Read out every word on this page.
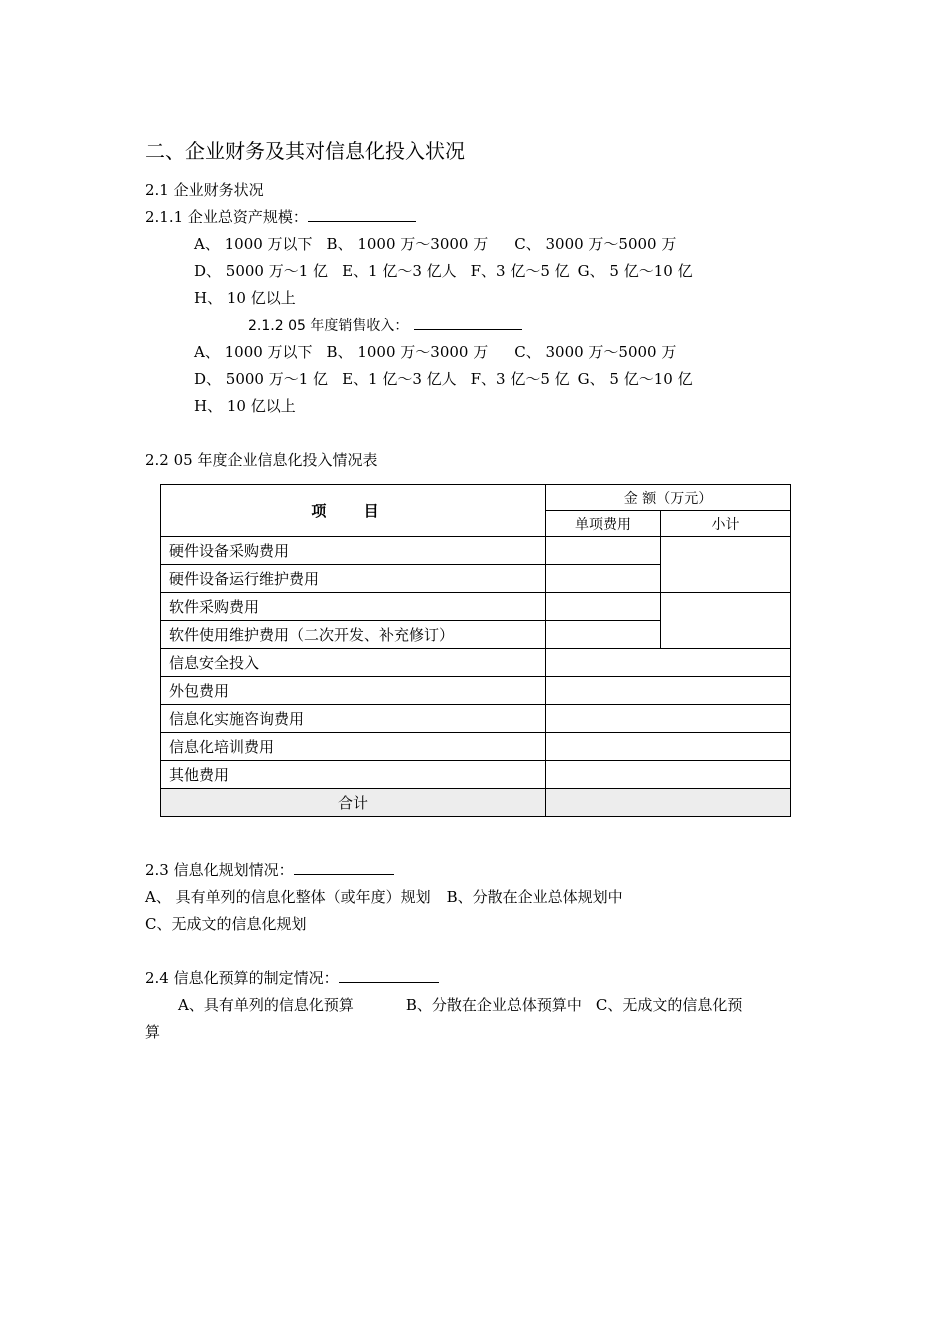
二、企业财务及其对信息化投入状况
2.1 企业财务状况
2.1.1 企业总资产规模：
A、 1000 万以下 B、 1000 万～3000 万 C、 3000 万～5000 万
D、 5000 万～1 亿 E、1 亿～3 亿人 F、3 亿～5 亿 G、 5 亿～10 亿
H、 10 亿以上
2.1.2 05 年度销售收入：
A、 1000 万以下 B、 1000 万～3000 万 C、 3000 万～5000 万
D、 5000 万～1 亿 E、1 亿～3 亿人 F、3 亿～5 亿 G、 5 亿～10 亿
H、 10 亿以上
2.2 05 年度企业信息化投入情况表
项 目	金 额（万元）	
	单项费用	小计
硬件设备采购费用		
硬件设备运行维护费用		
软件采购费用		
软件使用维护费用（二次开发、补充修订）		
信息安全投入		
外包费用		
信息化实施咨询费用		
信息化培训费用		
其他费用		
合计		
2.3 信息化规划情况：
A、 具有单列的信息化整体（或年度）规划 B、分散在企业总体规划中
C、无成文的信息化规划
2.4 信息化预算的制定情况：
A、具有单列的信息化预算	B、分散在企业总体预算中 C、无成文的信息化预
算
